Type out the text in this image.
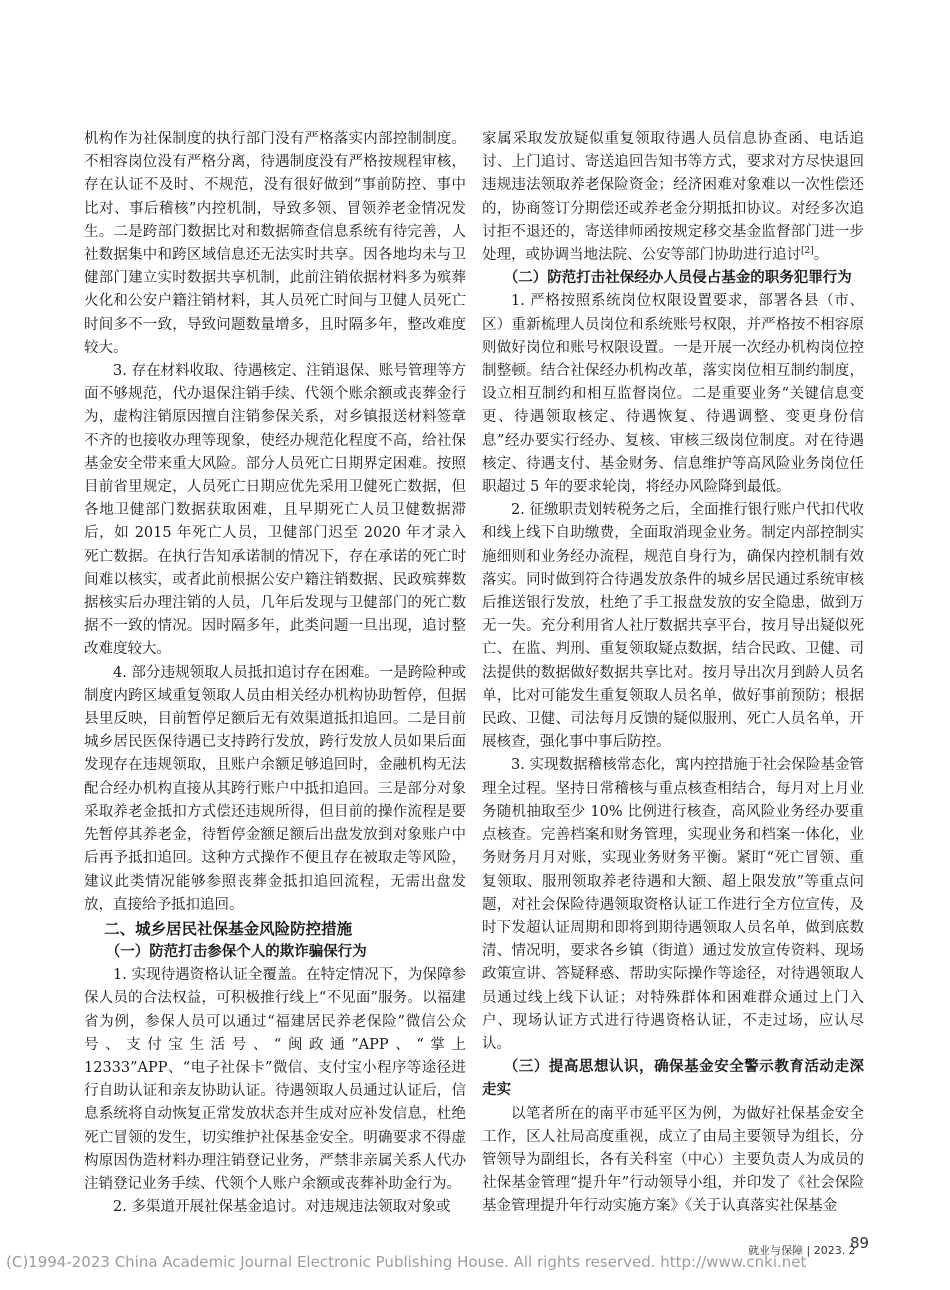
机构作为社保制度的执行部门没有严格落实内部控制制度。不相容岗位没有严格分离，待遇制度没有严格按规程审核，存在认证不及时、不规范，没有很好做到“事前防控、事中比对、事后稽核”内控机制，导致多领、冒领养老金情况发生。二是跨部门数据比对和数据筛查信息系统有待完善，人社数据集中和跨区域信息还无法实时共享。因各地均未与卫健部门建立实时数据共享机制，此前注销依据材料多为殡葬火化和公安户籍注销材料，其人员死亡时间与卫健人员死亡时间多不一致，导致问题数量增多，且时隔多年，整改难度较大。

3. 存在材料收取、待遇核定、注销退保、账号管理等方面不够规范，代办退保注销手续、代领个账余额或丧葬金行为，虚构注销原因擅自注销参保关系，对乡镇报送材料签章不齐的也接收办理等现象，使经办规范化程度不高，给社保基金安全带来重大风险。部分人员死亡日期界定困难。按照目前省里规定，人员死亡日期应优先采用卫健死亡数据，但各地卫健部门数据获取困难，且早期死亡人员卫健数据滞后，如 2015 年死亡人员，卫健部门迟至 2020 年才录入死亡数据。在执行告知承诺制的情况下，存在承诺的死亡时间难以核实，或者此前根据公安户籍注销数据、民政殡葬数据核实后办理注销的人员，几年后发现与卫健部门的死亡数据不一致的情况。因时隔多年，此类问题一旦出现，追讨整改难度较大。

4. 部分违规领取人员抵扣追讨存在困难。一是跨险种或制度内跨区域重复领取人员由相关经办机构协助暂停，但据县里反映，目前暂停足额后无有效渠道抵扣追回。二是目前城乡居民医保待遇已支持跨行发放，跨行发放人员如果后面发现存在违规领取，且账户余额足够追回时，金融机构无法配合经办机构直接从其跨行账户中抵扣追回。三是部分对象采取养老金抵扣方式偿还违规所得，但目前的操作流程是要先暂停其养老金，待暂停金额足额后出盘发放到对象账户中后再予抵扣追回。这种方式操作不便且存在被取走等风险，建议此类情况能够参照丧葬金抵扣追回流程，无需出盘发放，直接给予抵扣追回。

二、城乡居民社保基金风险防控措施

（一）防范打击参保个人的欺诈骗保行为

1. 实现待遇资格认证全覆盖。在特定情况下，为保障参保人员的合法权益，可积极推行线上“不见面”服务。以福建省为例，参保人员可以通过“福建居民养老保险”微信公众号、支付宝生活号、“闽政通”APP、“掌上12333”APP、“电子社保卡”微信、支付宝小程序等途径进行自助认证和亲友协助认证。待遇领取人员通过认证后，信息系统将自动恢复正常发放状态并生成对应补发信息，杜绝死亡冒领的发生，切实维护社保基金安全。明确要求不得虚构原因伪造材料办理注销登记业务，严禁非亲属关系人代办注销登记业务手续、代领个人账户余额或丧葬补助金行为。

2. 多渠道开展社保基金追讨。对违规违法领取对象或

家属采取发放疑似重复领取待遇人员信息协查函、电话追讨、上门追讨、寄送追回告知书等方式，要求对方尽快退回违规违法领取养老保险资金；经济困难对象难以一次性偿还的，协商签订分期偿还或养老金分期抵扣协议。对经多次追讨拒不退还的，寄送律师函按规定移交基金监督部门进一步处理，或协调当地法院、公安等部门协助进行追讨[2]。

（二）防范打击社保经办人员侵占基金的职务犯罪行为

1. 严格按照系统岗位权限设置要求，部署各县（市、区）重新梳理人员岗位和系统账号权限，并严格按不相容原则做好岗位和账号权限设置。一是开展一次经办机构岗位控制整顿。结合社保经办机构改革，落实岗位相互制约制度，设立相互制约和相互监督岗位。二是重要业务“关键信息变更、待遇领取核定、待遇恢复、待遇调整、变更身份信息”经办要实行经办、复核、审核三级岗位制度。对在待遇核定、待遇支付、基金财务、信息维护等高风险业务岗位任职超过 5 年的要求轮岗，将经办风险降到最低。

2. 征缴职责划转税务之后，全面推行银行账户代扣代收和线上线下自助缴费，全面取消现金业务。制定内部控制实施细则和业务经办流程，规范自身行为，确保内控机制有效落实。同时做到符合待遇发放条件的城乡居民通过系统审核后推送银行发放，杜绝了手工报盘发放的安全隐患，做到万无一失。充分利用省人社厅数据共享平台，按月导出疑似死亡、在监、判刑、重复领取疑点数据，结合民政、卫健、司法提供的数据做好数据共享比对。按月导出次月到龄人员名单，比对可能发生重复领取人员名单，做好事前预防；根据民政、卫健、司法每月反馈的疑似服刑、死亡人员名单，开展核查，强化事中事后防控。

3. 实现数据稽核常态化，寓内控措施于社会保险基金管理全过程。坚持日常稽核与重点核查相结合，每月对上月业务随机抽取至少 10% 比例进行核查，高风险业务经办要重点核查。完善档案和财务管理，实现业务和档案一体化，业务财务月月对账，实现业务财务平衡。紧盯“死亡冒领、重复领取、服刑领取养老待遇和大额、超上限发放”等重点问题，对社会保险待遇领取资格认证工作进行全方位宣传，及时下发超认证周期和即将到期待遇领取人员名单，做到底数清、情况明，要求各乡镇（街道）通过发放宣传资料、现场政策宣讲、答疑释惑、帮助实际操作等途径，对待遇领取人员通过线上线下认证；对特殊群体和困难群众通过上门入户、现场认证方式进行待遇资格认证，不走过场，应认尽认。

（三）提高思想认识，确保基金安全警示教育活动走深走实

以笔者所在的南平市延平区为例，为做好社保基金安全工作，区人社局高度重视，成立了由局主要领导为组长，分管领导为副组长，各有关科室（中心）主要负责人为成员的社保基金管理“提升年”行动领导小组，并印发了《社会保险基金管理提升年行动实施方案》《关于认真落实社保基金

就业与保障 | 2023. 2
89
(C)1994-2023 China Academic Journal Electronic Publishing House. All rights reserved. http://www.cnki.net
